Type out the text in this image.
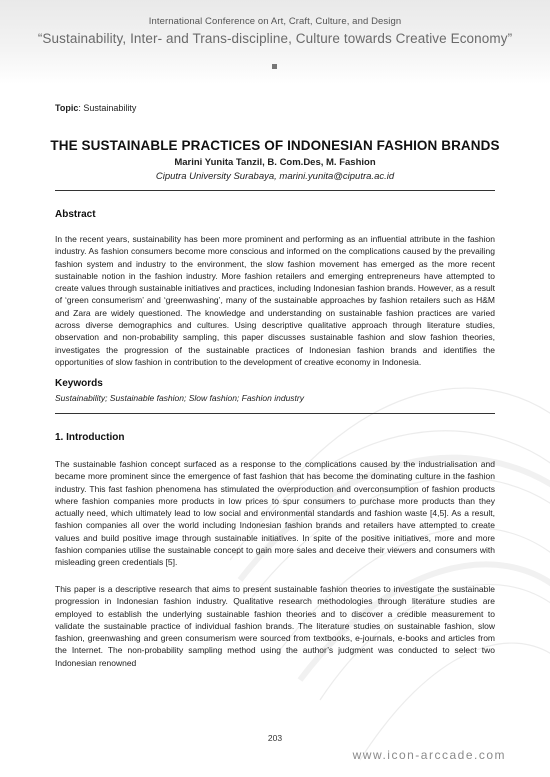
International Conference on Art, Craft, Culture, and Design
“Sustainability, Inter- and Trans-discipline, Culture towards Creative Economy”
Topic: Sustainability
THE SUSTAINABLE PRACTICES OF INDONESIAN FASHION BRANDS
Marini Yunita Tanzil, B. Com.Des, M. Fashion
Ciputra University Surabaya, marini.yunita@ciputra.ac.id
Abstract

In the recent years, sustainability has been more prominent and performing as an influential attribute in the fashion industry. As fashion consumers become more conscious and informed on the complications caused by the prevailing fashion system and industry to the environment, the slow fashion movement has emerged as the more recent sustainable notion in the fashion industry. More fashion retailers and emerging entrepreneurs have attempted to create values through sustainable initiatives and practices, including Indonesian fashion brands. However, as a result of ‘green consumerism’ and ‘greenwashing’, many of the sustainable approaches by fashion retailers such as H&M and Zara are widely questioned. The knowledge and understanding on sustainable fashion practices are varied across diverse demographics and cultures. Using descriptive qualitative approach through literature studies, observation and non-probability sampling, this paper discusses sustainable fashion and slow fashion theories, investigates the progression of the sustainable practices of Indonesian fashion brands and identifies the opportunities of slow fashion in contribution to the development of creative economy in Indonesia.

Keywords
Sustainability; Sustainable fashion; Slow fashion; Fashion industry
1. Introduction

The sustainable fashion concept surfaced as a response to the complications caused by the industrialisation and became more prominent since the emergence of fast fashion that has become the dominating culture in the fashion industry. This fast fashion phenomena has stimulated the overproduction and overconsumption of fashion products where fashion companies more products in low prices to spur consumers to purchase more products than they actually need, which ultimately lead to low social and environmental standards and fashion waste [4,5]. As a result, fashion companies all over the world including Indonesian fashion brands and retailers have attempted to create values and build positive image through sustainable initiatives. In spite of the positive initiatives, more and more fashion companies utilise the sustainable concept to gain more sales and deceive their viewers and consumers with misleading green credentials [5].

This paper is a descriptive research that aims to present sustainable fashion theories to investigate the sustainable progression in Indonesian fashion industry. Qualitative research methodologies through literature studies are employed to establish the underlying sustainable fashion theories and to discover a credible measurement to validate the sustainable practice of individual fashion brands. The literature studies on sustainable fashion, slow fashion, greenwashing and green consumerism were sourced from textbooks, e-journals, e-books and articles from the Internet. The non-probability sampling method using the author’s judgment was conducted to select two Indonesian renowned

203
www.icon-arccade.com
